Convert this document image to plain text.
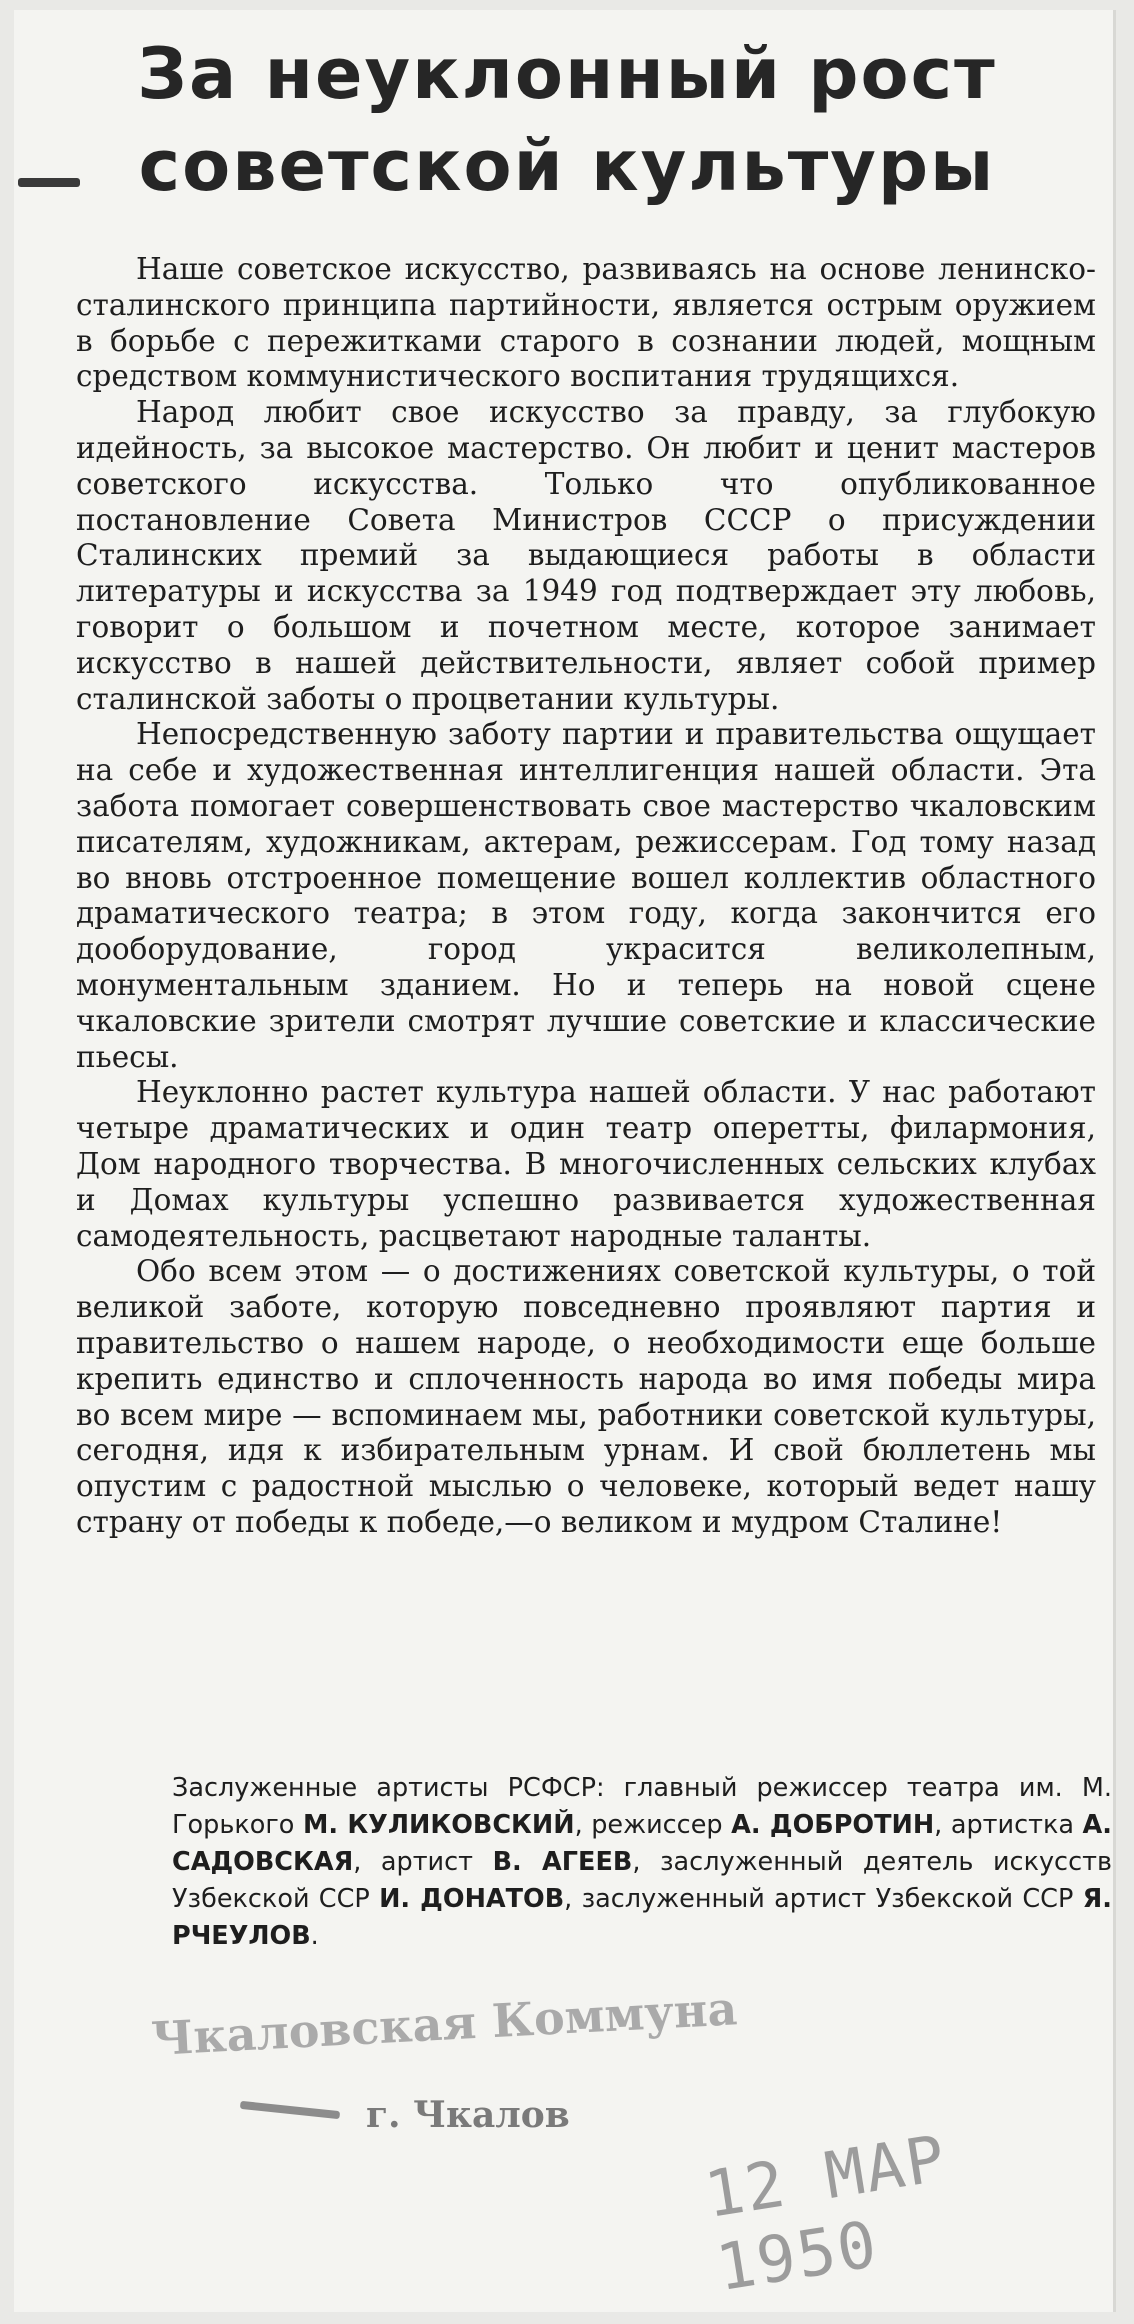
За неуклонный рост
советской культуры

Наше советское искусство, развиваясь на основе ленинско-сталинского принципа партийности, является острым оружием в борьбе с пережитками старого в сознании людей, мощным средством коммунистического воспитания трудящихся.

Народ любит свое искусство за правду, за глубокую идейность, за высокое мастерство. Он любит и ценит мастеров советского искусства. Только что опубликованное постановление Совета Министров СССР о присуждении Сталинских премий за выдающиеся работы в области литературы и искусства за 1949 год подтверждает эту любовь, говорит о большом и почетном месте, которое занимает искусство в нашей действительности, являет собой пример сталинской заботы о процветании культуры.

Непосредственную заботу партии и правительства ощущает на себе и художественная интеллигенция нашей области. Эта забота помогает совершенствовать свое мастерство чкаловским писателям, художникам, актерам, режиссерам. Год тому назад во вновь отстроенное помещение вошел коллектив областного драматического театра; в этом году, когда закончится его дооборудование, город украсится великолепным, монументальным зданием. Но и теперь на новой сцене чкаловские зрители смотрят лучшие советские и классические пьесы.

Неуклонно растет культура нашей области. У нас работают четыре драматических и один театр оперетты, филармония, Дом народного творчества. В многочисленных сельских клубах и Домах культуры успешно развивается художественная самодеятельность, расцветают народные таланты.

Обо всем этом — о достижениях советской культуры, о той великой заботе, которую повседневно проявляют партия и правительство о нашем народе, о необходимости еще больше крепить единство и сплоченность народа во имя победы мира во всем мире — вспоминаем мы, работники советской культуры, сегодня, идя к избирательным урнам. И свой бюллетень мы опустим с радостной мыслью о человеке, который ведет нашу страну от победы к победе,—о великом и мудром Сталине!

Заслуженные артисты РСФСР: главный режиссер театра им. М. Горького М. КУЛИКОВСКИЙ, режиссер А. ДОБРОТИН, артистка А. САДОВСКАЯ, артист В. АГЕЕВ, заслуженный деятель искусств Узбекской ССР И. ДОНАТОВ, заслуженный артист Узбекской ССР Я. РЧЕУЛОВ.
Чкаловская Коммуна
г. Чкалов
12 МАР 1950
